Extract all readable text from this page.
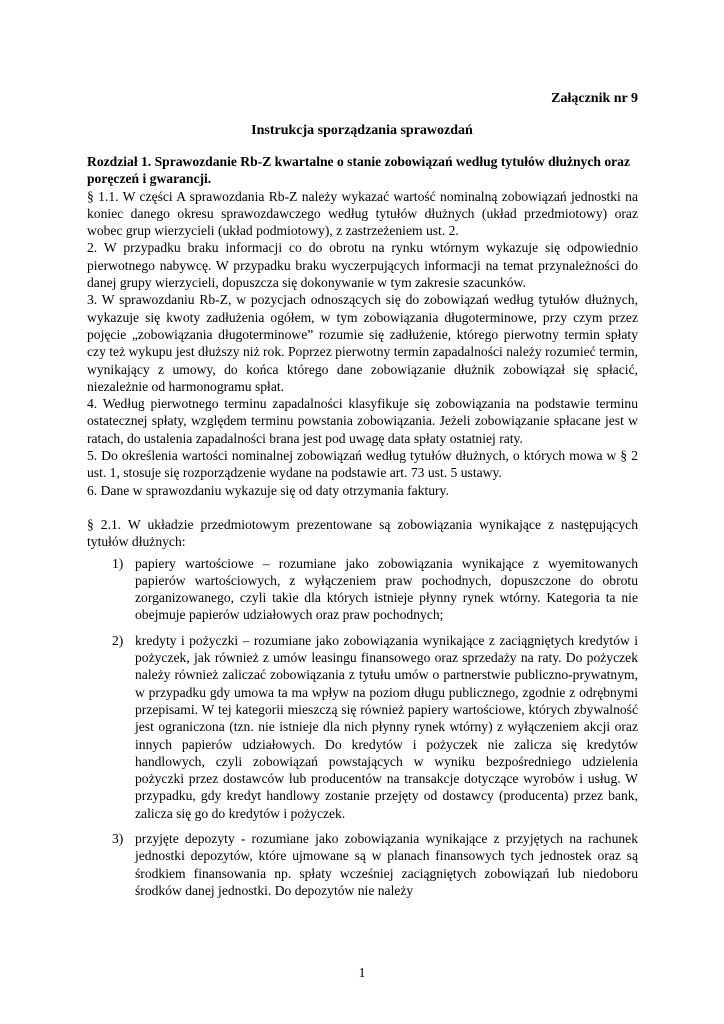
Załącznik nr 9
Instrukcja sporządzania sprawozdań

Rozdział 1. Sprawozdanie Rb-Z kwartalne o stanie zobowiązań według tytułów dłużnych oraz poręczeń i gwarancji.

§ 1.1. W części A sprawozdania Rb-Z należy wykazać wartość nominalną zobowiązań jednostki na koniec danego okresu sprawozdawczego według tytułów dłużnych (układ przedmiotowy) oraz wobec grup wierzycieli (układ podmiotowy), z zastrzeżeniem ust. 2.

2. W przypadku braku informacji co do obrotu na rynku wtórnym wykazuje się odpowiednio pierwotnego nabywcę. W przypadku braku wyczerpujących informacji na temat przynależności do danej grupy wierzycieli, dopuszcza się dokonywanie w tym zakresie szacunków.

3. W sprawozdaniu Rb-Z, w pozycjach odnoszących się do zobowiązań według tytułów dłużnych, wykazuje się kwoty zadłużenia ogółem, w tym zobowiązania długoterminowe, przy czym przez pojęcie „zobowiązania długoterminowe” rozumie się zadłużenie, którego pierwotny termin spłaty czy też wykupu jest dłuższy niż rok. Poprzez pierwotny termin zapadalności należy rozumieć termin, wynikający z umowy, do końca którego dane zobowiązanie dłużnik zobowiązał się spłacić, niezależnie od harmonogramu spłat.

4. Według pierwotnego terminu zapadalności klasyfikuje się zobowiązania na podstawie terminu ostatecznej spłaty, względem terminu powstania zobowiązania. Jeżeli zobowiązanie spłacane jest w ratach, do ustalenia zapadalności brana jest pod uwagę data spłaty ostatniej raty.

5. Do określenia wartości nominalnej zobowiązań według tytułów dłużnych, o których mowa w § 2 ust. 1, stosuje się rozporządzenie wydane na podstawie art. 73 ust. 5 ustawy.

6. Dane w sprawozdaniu wykazuje się od daty otrzymania faktury.

§ 2.1. W układzie przedmiotowym prezentowane są zobowiązania wynikające z następujących tytułów dłużnych:

1) papiery wartościowe – rozumiane jako zobowiązania wynikające z wyemitowanych papierów wartościowych, z wyłączeniem praw pochodnych, dopuszczone do obrotu zorganizowanego, czyli takie dla których istnieje płynny rynek wtórny. Kategoria ta nie obejmuje papierów udziałowych oraz praw pochodnych;
2) kredyty i pożyczki – rozumiane jako zobowiązania wynikające z zaciągniętych kredytów i pożyczek, jak również z umów leasingu finansowego oraz sprzedaży na raty. Do pożyczek należy również zaliczać zobowiązania z tytułu umów o partnerstwie publiczno-prywatnym, w przypadku gdy umowa ta ma wpływ na poziom długu publicznego, zgodnie z odrębnymi przepisami. W tej kategorii mieszczą się również papiery wartościowe, których zbywalność jest ograniczona (tzn. nie istnieje dla nich płynny rynek wtórny) z wyłączeniem akcji oraz innych papierów udziałowych. Do kredytów i pożyczek nie zalicza się kredytów handlowych, czyli zobowiązań powstających w wyniku bezpośredniego udzielenia pożyczki przez dostawców lub producentów na transakcje dotyczące wyrobów i usług. W przypadku, gdy kredyt handlowy zostanie przejęty od dostawcy (producenta) przez bank, zalicza się go do kredytów i pożyczek.
3) przyjęte depozyty - rozumiane jako zobowiązania wynikające z przyjętych na rachunek jednostki depozytów, które ujmowane są w planach finansowych tych jednostek oraz są środkiem finansowania np. spłaty wcześniej zaciągniętych zobowiązań lub niedoboru środków danej jednostki. Do depozytów nie należy
1
